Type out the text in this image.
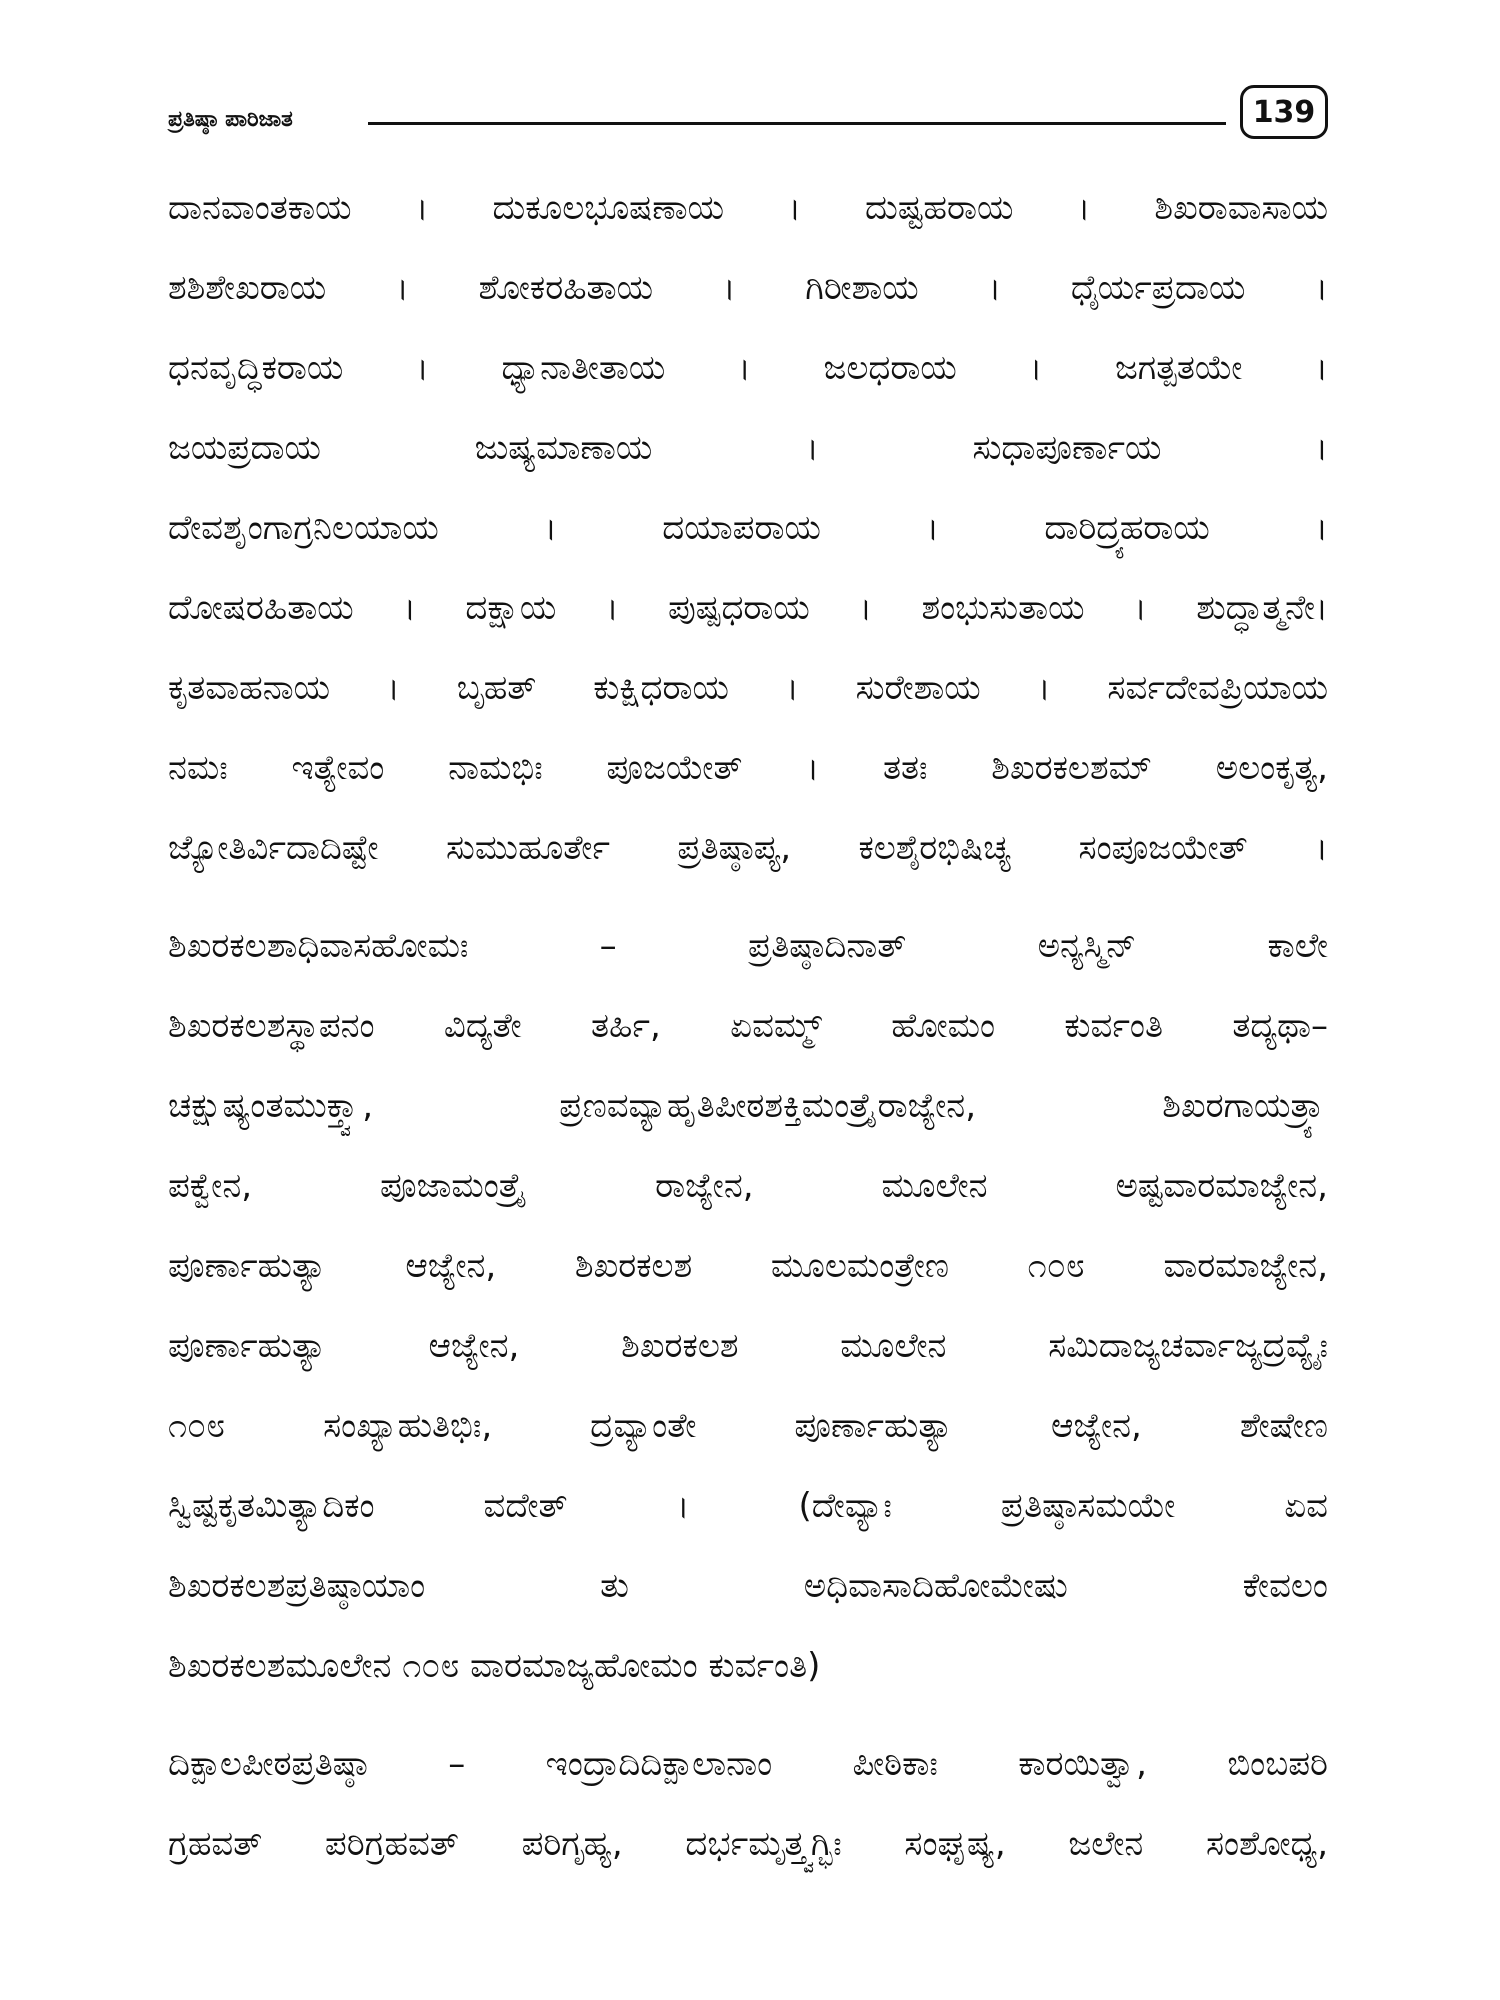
ಪ್ರತಿಷ್ಠಾ ಪಾರಿಜಾತ	139
ದಾನವಾಂತಕಾಯ । ದುಕೂಲಭೂಷಣಾಯ । ದುಷ್ಟಹರಾಯ । ಶಿಖರಾವಾಸಾಯ
ಶಶಿಶೇಖರಾಯ । ಶೋಕರಹಿತಾಯ । ಗಿರೀಶಾಯ । ಧೈರ್ಯಪ್ರದಾಯ ।
ಧನವೃದ್ಧಿಕರಾಯ । ಧ್ಯಾನಾತೀತಾಯ । ಜಲಧರಾಯ । ಜಗತ್ಪತಯೇ ।
ಜಯಪ್ರದಾಯ ಜುಷ್ಯಮಾಣಾಯ । ಸುಧಾಪೂರ್ಣಾಯ ।
ದೇವಶೃಂಗಾಗ್ರನಿಲಯಾಯ । ದಯಾಪರಾಯ । ದಾರಿದ್ರ್ಯಹರಾಯ ।
ದೋಷರಹಿತಾಯ । ದಕ್ಷಾಯ । ಪುಷ್ಪಧರಾಯ । ಶಂಭುಸುತಾಯ । ಶುದ್ಧಾತ್ಮನೇ।
ಕೃತವಾಹನಾಯ । ಬೃಹತ್ ಕುಕ್ಷಿಧರಾಯ । ಸುರೇಶಾಯ । ಸರ್ವದೇವಪ್ರಿಯಾಯ
ನಮಃ ಇತ್ಯೇವಂ ನಾಮಭಿಃ ಪೂಜಯೇತ್ । ತತಃ ಶಿಖರಕಲಶಮ್ ಅಲಂಕೃತ್ಯ,
ಜ್ಯೋತಿರ್ವಿದಾದಿಷ್ಟೇ ಸುಮುಹೂರ್ತೇ ಪ್ರತಿಷ್ಠಾಪ್ಯ, ಕಲಶೈರಭಿಷಿಚ್ಯ ಸಂಪೂಜಯೇತ್ ।
ಶಿಖರಕಲಶಾಧಿವಾಸಹೋಮಃ – ಪ್ರತಿಷ್ಠಾದಿನಾತ್ ಅನ್ಯಸ್ಮಿನ್ ಕಾಲೇ
ಶಿಖರಕಲಶಸ್ಥಾಪನಂ ವಿದ್ಯತೇ ತರ್ಹಿ, ಏವಮ್ಮ್ ಹೋಮಂ ಕುರ್ವಂತಿ ತದ್ಯಥಾ–
ಚಕ್ಷುಷ್ಯಂತಮುಕ್ತ್ವಾ, ಪ್ರಣವವ್ಯಾಹೃತಿಪೀಠಶಕ್ತಿಮಂತ್ರೈರಾಜ್ಯೇನ, ಶಿಖರಗಾಯತ್ರ್ಯಾ
ಪಕ್ವೇನ, ಪೂಜಾಮಂತ್ರೈ ರಾಜ್ಯೇನ, ಮೂಲೇನ ಅಷ್ಟವಾರಮಾಜ್ಯೇನ,
ಪೂರ್ಣಾಹುತ್ಯಾ ಆಜ್ಯೇನ, ಶಿಖರಕಲಶ ಮೂಲಮಂತ್ರೇಣ ೧೦೮ ವಾರಮಾಜ್ಯೇನ,
ಪೂರ್ಣಾಹುತ್ಯಾ ಆಜ್ಯೇನ, ಶಿಖರಕಲಶ ಮೂಲೇನ ಸಮಿದಾಜ್ಯಚರ್ವಾಜ್ಯದ್ರವ್ಯೈಃ
೧೦೮ ಸಂಖ್ಯಾಹುತಿಭಿಃ, ದ್ರವ್ಯಾಂತೇ ಪೂರ್ಣಾಹುತ್ಯಾ ಆಜ್ಯೇನ, ಶೇಷೇಣ
ಸ್ವಿಷ್ಟಕೃತಮಿತ್ಯಾದಿಕಂ ವದೇತ್ । (ದೇವ್ಯಾಃ ಪ್ರತಿಷ್ಠಾಸಮಯೇ ಏವ
ಶಿಖರಕಲಶಪ್ರತಿಷ್ಠಾಯಾಂ ತು ಅಧಿವಾಸಾದಿಹೋಮೇಷು ಕೇವಲಂ
ಶಿಖರಕಲಶಮೂಲೇನ ೧೦೮ ವಾರಮಾಜ್ಯಹೋಮಂ ಕುರ್ವಂತಿ)
ದಿಕ್ಪಾಲಪೀಠಪ್ರತಿಷ್ಠಾ – ಇಂದ್ರಾದಿದಿಕ್ಪಾಲಾನಾಂ ಪೀಠಿಕಾಃ ಕಾರಯಿತ್ವಾ, ಬಿಂಬಪರಿ
ಗ್ರಹವತ್ ಪರಿಗ್ರಹವತ್ ಪರಿಗೃಹ್ಯ, ದರ್ಭಮೃತ್ತ್ವಗ್ಭಿಃ ಸಂಘೃಷ್ಯ, ಜಲೇನ ಸಂಶೋಧ್ಯ,
